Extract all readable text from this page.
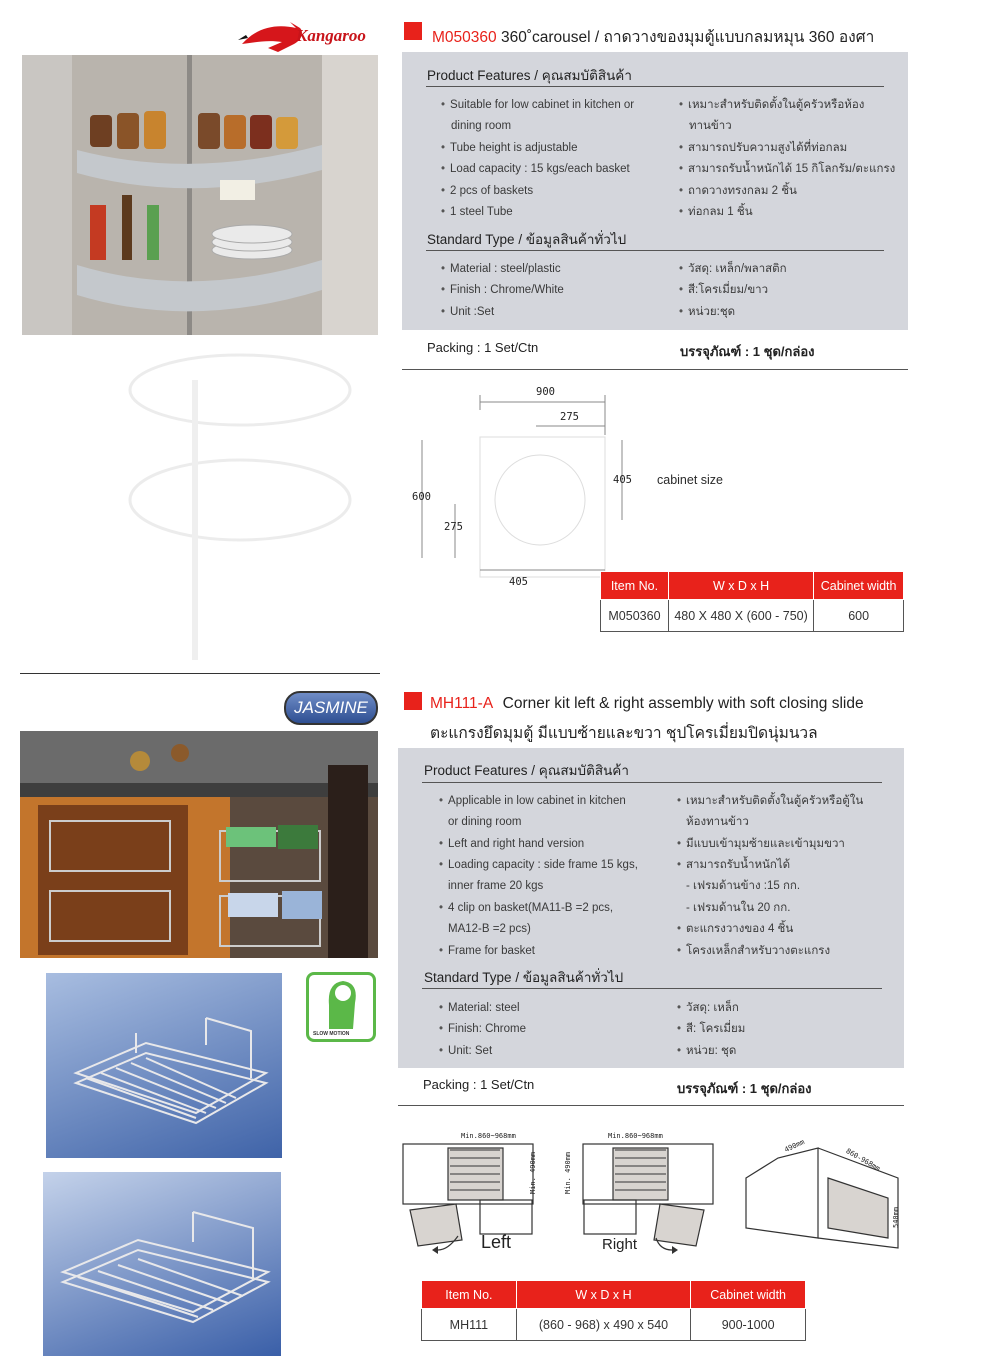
Kangaroo	M050360 360˚carousel / ถาดวางของมุมตู้แบบกลมหมุน 360 องศา
Product Features / คุณสมบัติสินค้า
• Suitable for low cabinet in kitchen or
dining room
• Tube height is adjustable
• Load capacity : 15 kgs/each basket
• 2 pcs of baskets
• 1 steel Tube
• เหมาะสำหรับติดตั้งในตู้ครัวหรือห้อง
ทานข้าว
• สามารถปรับความสูงได้ที่ท่อกลม
• สามารถรับน้ำหนักได้ 15 กิโลกรัม/ตะแกรง
• ถาดวางทรงกลม 2 ชิ้น
• ท่อกลม 1 ชิ้น
Standard Type / ข้อมูลสินค้าทั่วไป
• Material : steel/plastic
• Finish : Chrome/White
• Unit :Set
• วัสดุ: เหล็ก/พลาสติก
• สี:โครเมี่ยม/ขาว
• หน่วย:ชุด
Packing : 1 Set/Ctn	บรรจุภัณฑ์ : 1 ชุด/กล่อง
900
275
405
600
275
405
cabinet size
Item No.	W x D x H	Cabinet width
M050360	480 X 480 X (600 - 750)	600
JASMINE	MH111-A Corner kit left & right assembly with soft closing slide
ตะแกรงยึดมุมตู้ มีแบบซ้ายและขวา ชุปโครเมี่ยมปิดนุ่มนวล
SLOW MOTION
Product Features / คุณสมบัติสินค้า
• Applicable in low cabinet in kitchen
or dining room
• Left and right hand version
• Loading capacity : side frame 15 kgs,
inner frame 20 kgs
• 4 clip on basket(MA11-B =2 pcs,
MA12-B =2 pcs)
• Frame for basket
• เหมาะสำหรับติดตั้งในตู้ครัวหรือตู้ใน
ห้องทานข้าว
• มีแบบเข้ามุมซ้ายและเข้ามุมขวา
• สามารถรับน้ำหนักได้
- เฟรมด้านข้าง :15 กก.
- เฟรมด้านใน 20 กก.
• ตะแกรงวางของ 4 ชิ้น
• โครงเหล็กสำหรับวางตะแกรง
Standard Type / ข้อมูลสินค้าทั่วไป
• Material: steel
• Finish: Chrome
• Unit: Set
• วัสดุ: เหล็ก
• สี: โครเมี่ยม
• หน่วย: ชุด
Packing : 1 Set/Ctn	บรรจุภัณฑ์ : 1 ชุด/กล่อง
Min.860~968mm	Min.860~968mm
Min. 490mm	Min. 490mm
490mm
860-968mm
540mm
Left	Right
Item No.	W x D x H	Cabinet width
MH111	(860 - 968) x 490 x 540	900-1000
